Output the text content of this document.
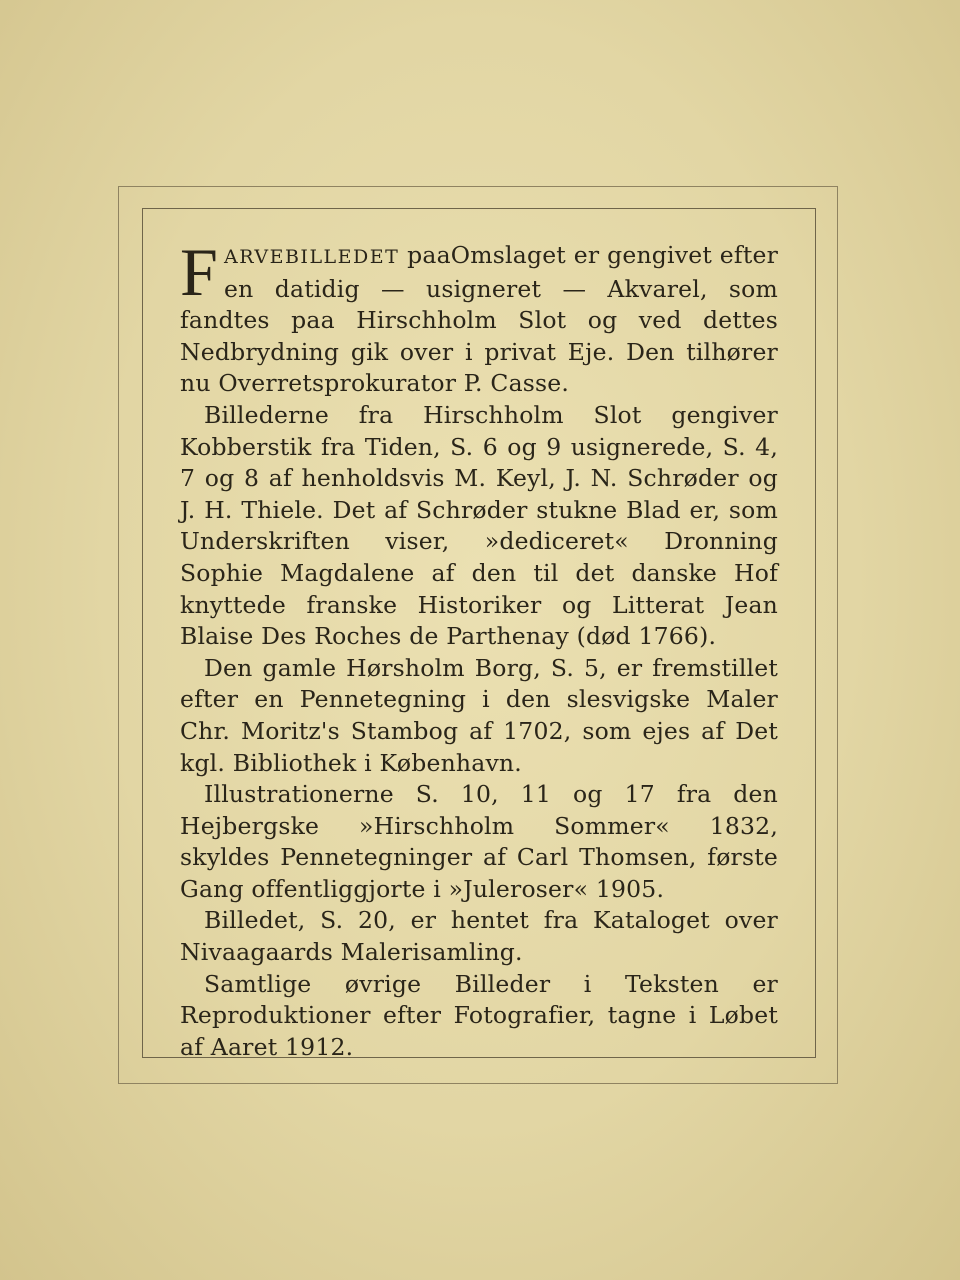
FARVEBILLEDET paaOmslaget er gengivet efter en datidig — usigneret — Akvarel, som fandtes paa Hirschholm Slot og ved dettes Nedbrydning gik over i privat Eje. Den tilhører nu Overretsprokurator P. Casse.

Billederne fra Hirschholm Slot gengiver Kobberstik fra Tiden, S. 6 og 9 usignerede, S. 4, 7 og 8 af henholdsvis M. Keyl, J. N. Schrøder og J. H. Thiele. Det af Schrøder stukne Blad er, som Underskriften viser, »dediceret« Dronning Sophie Magdalene af den til det danske Hof knyttede franske Historiker og Litterat Jean Blaise Des Roches de Parthenay (død 1766).

Den gamle Hørsholm Borg, S. 5, er fremstillet efter en Pennetegning i den slesvigske Maler Chr. Moritz's Stambog af 1702, som ejes af Det kgl. Bibliothek i København.

Illustrationerne S. 10, 11 og 17 fra den Hejbergske »Hirschholm Sommer« 1832, skyldes Pennetegninger af Carl Thomsen, første Gang offentliggjorte i »Juleroser« 1905.

Billedet, S. 20, er hentet fra Kataloget over Nivaagaards Malerisamling.

Samtlige øvrige Billeder i Teksten er Reproduktioner efter Fotografier, tagne i Løbet af Aaret 1912.
